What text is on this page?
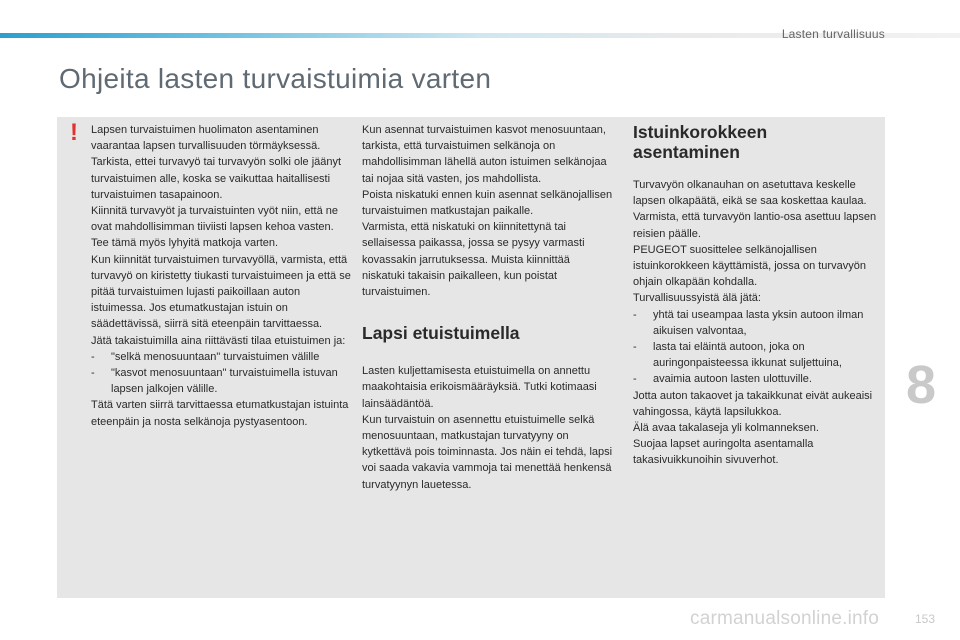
Lasten turvallisuus
Ohjeita lasten turvaistuimia varten
! Lapsen turvaistuimen huolimaton asentaminen vaarantaa lapsen turvallisuuden törmäyksessä.

Tarkista, ettei turvavyö tai turvavyön solki ole jäänyt turvaistuimen alle, koska se vaikuttaa haitallisesti turvaistuimen tasapainoon.

Kiinnitä turvavyöt ja turvaistuinten vyöt niin, että ne ovat mahdollisimman tiiviisti lapsen kehoa vasten. Tee tämä myös lyhyitä matkoja varten.

Kun kiinnität turvaistuimen turvavyöllä, varmista, että turvavyö on kiristetty tiukasti turvaistuimeen ja että se pitää turvaistuimen lujasti paikoillaan auton istuimessa. Jos etumatkustajan istuin on säädettävissä, siirrä sitä eteenpäin tarvittaessa.

Jätä takaistuimilla aina riittävästi tilaa etuistuimen ja:

- "selkä menosuuntaan" turvaistuimen välille
- "kasvot menosuuntaan" turvaistuimella istuvan lapsen jalkojen välille.

Tätä varten siirrä tarvittaessa etumatkustajan istuinta eteenpäin ja nosta selkänoja pystyasentoon.

Kun asennat turvaistuimen kasvot menosuuntaan, tarkista, että turvaistuimen selkänoja on mahdollisimman lähellä auton istuimen selkänojaa tai nojaa sitä vasten, jos mahdollista.

Poista niskatuki ennen kuin asennat selkänojallisen turvaistuimen matkustajan paikalle.

Varmista, että niskatuki on kiinnitettynä tai sellaisessa paikassa, jossa se pysyy varmasti kovassakin jarrutuksessa. Muista kiinnittää niskatuki takaisin paikalleen, kun poistat turvaistuimen.

Lapsi etuistuimella

Lasten kuljettamisesta etuistuimella on annettu maakohtaisia erikoismääräyksiä. Tutki kotimaasi lainsäädäntöä.

Kun turvaistuin on asennettu etuistuimelle selkä menosuuntaan, matkustajan turvatyyny on kytkettävä pois toiminnasta. Jos näin ei tehdä, lapsi voi saada vakavia vammoja tai menettää henkensä turvatyynyn lauetessa.

Istuinkorokkeen asentaminen

Turvavyön olkanauhan on asetuttava keskelle lapsen olkapäätä, eikä se saa koskettaa kaulaa.

Varmista, että turvavyön lantio-osa asettuu lapsen reisien päälle.

PEUGEOT suosittelee selkänojallisen istuinkorokkeen käyttämistä, jossa on turvavyön ohjain olkapään kohdalla.

Turvallisuussyistä älä jätä:

- yhtä tai useampaa lasta yksin autoon ilman aikuisen valvontaa,
- lasta tai eläintä autoon, joka on auringonpaisteessa ikkunat suljettuina,
- avaimia autoon lasten ulottuville.

Jotta auton takaovet ja takaikkunat eivät aukeaisi vahingossa, käytä lapsilukkoa.

Älä avaa takalaseja yli kolmanneksen.

Suojaa lapset auringolta asentamalla takasivuikkunoihin sivuverhot.

8
carmanualsonline.info	153
